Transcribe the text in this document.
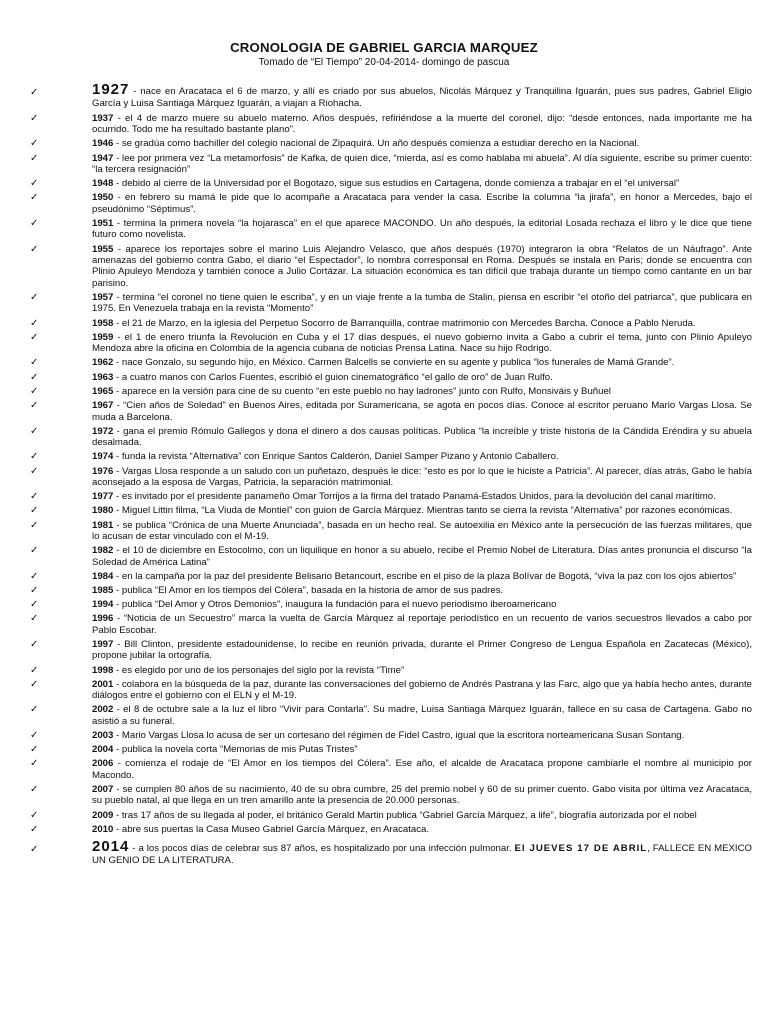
CRONOLOGIA DE GABRIEL GARCIA MARQUEZ
Tomado de “El Tiempo” 20-04-2014- domingo de pascua
✓	1927 - nace en Aracataca el 6 de marzo, y allí es criado por sus abuelos, Nicolás Márquez y Tranquilina Iguarán, pues sus padres, Gabriel Eligio García y Luisa Santiaga Márquez Iguarán, a viajan a Riohacha.
✓	1937 - el 4 de marzo muere su abuelo materno. Años después, refiriéndose a la muerte del coronel, dijo: “desde entonces, nada importante me ha ocurrido. Todo me ha resultado bastante plano”.
✓	1946 - se gradúa como bachiller del colegio nacional de Zipaquirá. Un año después comienza a estudiar derecho en la Nacional.
✓	1947 - lee por primera vez “La metamorfosis” de Kafka, de quien dice, “mierda, así es como hablaba mi abuela”. Al día siguiente, escribe su primer cuento: “la tercera resignación”
✓	1948 - debido al cierre de la Universidad por el Bogotazo, sigue sus estudios en Cartagena, donde comienza a trabajar en el “el universal”
✓	1950 - en febrero su mamá le pide que lo acompañe a Aracataca para vender la casa. Escribe la columna “la jirafa”, en honor a Mercedes, bajo el pseudónimo “Séptimus”.
✓	1951 - termina la primera novela “la hojarasca” en el que aparece MACONDO. Un año después, la editorial Losada rechaza el libro y le dice que tiene futuro como novelista.
✓	1955 - aparece los reportajes sobre el marino Luis Alejandro Velasco, que años después (1970) integraron la obra “Relatos de un Náufrago”. Ante amenazas del gobierno contra Gabo, el diario “el Espectador”, lo nombra corresponsal en Roma. Después se instala en Paris; donde se encuentra con Plinio Apuleyo Mendoza y también conoce a Julio Cortázar. La situación económica es tan difícil que trabaja durante un tiempo como cantante en un bar parisino.
✓	1957 - termina “el coronel no tiene quien le escriba”, y en un viaje frente a la tumba de Stalin, piensa en escribir “el otoño del patriarca”, que publicara en 1975. En Venezuela trabaja en la revista “Momento”
✓	1958 - el 21 de Marzo, en la iglesia del Perpetuo Socorro de Barranquilla, contrae matrimonio con Mercedes Barcha. Conoce a Pablo Neruda.
✓	1959 - el 1 de enero triunfa la Revolución en Cuba y el 17 días después, el nuevo gobierno invita a Gabo a cubrir el tema, junto con Plinio Apuleyo Mendoza abre la oficina en Colombia de la agencia cubana de noticias Prensa Latina. Nace su hijo Rodrigo.
✓	1962 - nace Gonzalo, su segundo hijo, en México. Carmen Balcells se convierte en su agente y publica “los funerales de Mamá Grande”.
✓	1963 - a cuatro manos con Carlos Fuentes, escribió el guion cinematográfico “el gallo de oro” de Juan Rulfo.
✓	1965 - aparece en la versión para cine de su cuento “en este pueblo no hay ladrones” junto con Rulfo, Monsiváis y Buñuel
✓	1967 - “Cien años de Soledad” en Buenos Aires, editada por Suramericana, se agota en pocos días. Conoce al escritor peruano Mario Vargas Llosa. Se muda a Barcelona.
✓	1972 - gana el premio Rómulo Gallegos y dona el dinero a dos causas políticas. Publica “la increíble y triste historia de la Cándida Eréndira y su abuela desalmada.
✓	1974 - funda la revista “Alternativa” con Enrique Santos Calderón, Daniel Samper Pizano y Antonio Caballero.
✓	1976 - Vargas Llosa responde a un saludo con un puñetazo, después le dice: “esto es por lo que le hiciste a Patricia”. Al parecer, días atrás, Gabo le había aconsejado a la esposa de Vargas, Patricia, la separación matrimonial.
✓	1977 - es invitado por el presidente panameño Omar Torrijos a la firma del tratado Panamá-Estados Unidos, para la devolución del canal marítimo.
✓	1980 - Miguel Littin filma, “La Viuda de Montiel” con guion de García Márquez. Mientras tanto se cierra la revista “Alternativa” por razones económicas.
✓	1981 - se publica “Crónica de una Muerte Anunciada”, basada en un hecho real. Se autoexilia en México ante la persecución de las fuerzas militares, que lo acusan de estar vinculado con el M-19.
✓	1982 - el 10 de diciembre en Estocolmo, con un liquilique en honor a su abuelo, recibe el Premio Nobel de Literatura. Días antes pronuncia el discurso “la Soledad de América Latina”
✓	1984 - en la campaña por la paz del presidente Belisario Betancourt, escribe en el piso de la plaza Bolívar de Bogotá, “viva la paz con los ojos abiertos”
✓	1985 - publica “El Amor en los tiempos del Cólera”, basada en la historia de amor de sus padres.
✓	1994 - publica “Del Amor y Otros Demonios”, inaugura la fundación para el nuevo periodismo iberoamericano
✓	1996 - “Noticia de un Secuestro” marca la vuelta de García Márquez al reportaje periodístico en un recuento de varios secuestros llevados a cabo por Pablo Escobar.
✓	1997 - Bill Clinton, presidente estadounidense, lo recibe en reunión privada, durante el Primer Congreso de Lengua Española en Zacatecas (México), propone jubilar la ortografía.
✓	1998 - es elegido por uno de los personajes del siglo por la revista “Time”
✓	2001 - colabora en la búsqueda de la paz, durante las conversaciones del gobierno de Andrés Pastrana y las Farc, algo que ya había hecho antes, durante diálogos entre el gobierno con el ELN y el M-19.
✓	2002 - el 8 de octubre sale a la luz el libro “Vivir para Contarla”. Su madre, Luisa Santiaga Márquez Iguarán, fallece en su casa de Cartagena. Gabo no asistió a su funeral.
✓	2003 - Mario Vargas Llosa lo acusa de ser un cortesano del régimen de Fidel Castro, igual que la escritora norteamericana Susan Sontang.
✓	2004 - publica la novela corta “Memorias de mis Putas Tristes”
✓	2006 - comienza el rodaje de “El Amor en los tiempos del Cólera”. Ese año, el alcalde de Aracataca propone cambiarle el nombre al municipio por Macondo.
✓	2007 - se cumplen 80 años de su nacimiento, 40 de su obra cumbre, 25 del premio nobel y 60 de su primer cuento. Gabo visita por última vez Aracataca, su pueblo natal, al que llega en un tren amarillo ante la presencia de 20.000 personas.
✓	2009 - tras 17 años de su llegada al poder, el británico Gerald Martin publica “Gabriel García Márquez, a life”, biografía autorizada por el nobel
✓	2010 - abre sus puertas la Casa Museo Gabriel García Márquez, en Aracataca.
✓	2014 - a los pocos días de celebrar sus 87 años, es hospitalizado por una infección pulmonar. El JUEVES 17 DE ABRIL, FALLECE EN MEXICO UN GENIO DE LA LITERATURA.
